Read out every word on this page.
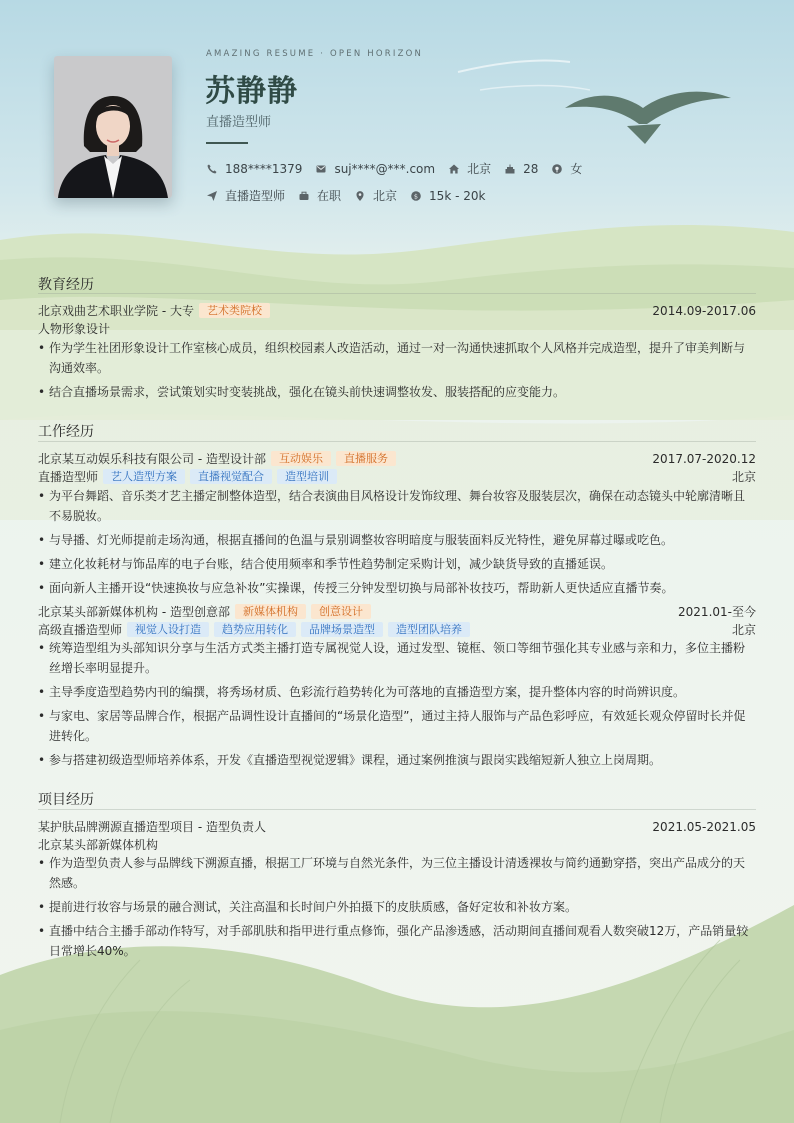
AMAZING RESUME · OPEN HORIZON
苏静静
直播造型师
188****1379	suj****@***.com	北京	28	女
直播造型师	在职	北京	$ 15k - 20k
教育经历
北京戏曲艺术职业学院 - 大专	艺术类院校	2014.09-2017.06
人物形象设计
• 作为学生社团形象设计工作室核心成员，组织校园素人改造活动，通过一对一沟通快速抓取个人风格并完成造型，提升了审美判断与沟通效率。
• 结合直播场景需求，尝试策划实时变装挑战，强化在镜头前快速调整妆发、服装搭配的应变能力。
工作经历
北京某互动娱乐科技有限公司 - 造型设计部	互动娱乐	直播服务	2017.07-2020.12
直播造型师	艺人造型方案	直播视觉配合	造型培训	北京
• 为平台舞蹈、音乐类才艺主播定制整体造型，结合表演曲目风格设计发饰纹理、舞台妆容及服装层次，确保在动态镜头中轮廓清晰且不易脱妆。
• 与导播、灯光师提前走场沟通，根据直播间的色温与景别调整妆容明暗度与服装面料反光特性，避免屏幕过曝或吃色。
• 建立化妆耗材与饰品库的电子台账，结合使用频率和季节性趋势制定采购计划，减少缺货导致的直播延误。
• 面向新人主播开设“快速换妆与应急补妆”实操课，传授三分钟发型切换与局部补妆技巧，帮助新人更快适应直播节奏。
北京某头部新媒体机构 - 造型创意部	新媒体机构	创意设计	2021.01-至今
高级直播造型师	视觉人设打造	趋势应用转化	品牌场景造型	造型团队培养	北京
• 统筹造型组为头部知识分享与生活方式类主播打造专属视觉人设，通过发型、镜框、领口等细节强化其专业感与亲和力，多位主播粉丝增长率明显提升。
• 主导季度造型趋势内刊的编撰，将秀场材质、色彩流行趋势转化为可落地的直播造型方案，提升整体内容的时尚辨识度。
• 与家电、家居等品牌合作，根据产品调性设计直播间的“场景化造型”，通过主持人服饰与产品色彩呼应，有效延长观众停留时长并促进转化。
• 参与搭建初级造型师培养体系，开发《直播造型视觉逻辑》课程，通过案例推演与跟岗实践缩短新人独立上岗周期。
项目经历
某护肤品牌溯源直播造型项目 - 造型负责人	2021.05-2021.05
北京某头部新媒体机构
• 作为造型负责人参与品牌线下溯源直播，根据工厂环境与自然光条件，为三位主播设计清透裸妆与简约通勤穿搭，突出产品成分的天然感。
• 提前进行妆容与场景的融合测试，关注高温和长时间户外拍摄下的皮肤质感，备好定妆和补妆方案。
• 直播中结合主播手部动作特写，对手部肌肤和指甲进行重点修饰，强化产品渗透感，活动期间直播间观看人数突破12万，产品销量较日常增长40%。
